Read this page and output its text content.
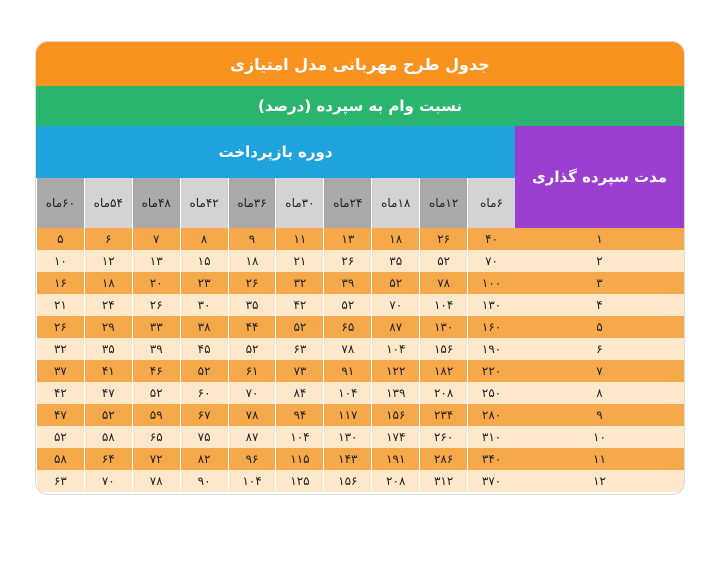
جدول طرح مهربانی مدل امتیازی
نسبت وام به سپرده (درصد)
دوره بازپرداخت
مدت سپرده گذاری
۶ماه
۱۲ماه
۱۸ماه
۲۴ماه
۳۰ماه
۳۶ماه
۴۲ماه
۴۸ماه
۵۴ماه
۶۰ماه
۱
۴۰
۲۶
۱۸
۱۳
۱۱
۹
۸
۷
۶
۵
۲
۷۰
۵۲
۳۵
۲۶
۲۱
۱۸
۱۵
۱۳
۱۲
۱۰
۳
۱۰۰
۷۸
۵۲
۳۹
۳۲
۲۶
۲۳
۲۰
۱۸
۱۶
۴
۱۳۰
۱۰۴
۷۰
۵۲
۴۲
۳۵
۳۰
۲۶
۲۴
۲۱
۵
۱۶۰
۱۳۰
۸۷
۶۵
۵۲
۴۴
۳۸
۳۳
۲۹
۲۶
۶
۱۹۰
۱۵۶
۱۰۴
۷۸
۶۳
۵۲
۴۵
۳۹
۳۵
۳۲
۷
۲۲۰
۱۸۲
۱۲۲
۹۱
۷۳
۶۱
۵۲
۴۶
۴۱
۳۷
۸
۲۵۰
۲۰۸
۱۳۹
۱۰۴
۸۴
۷۰
۶۰
۵۲
۴۷
۴۲
۹
۲۸۰
۲۳۴
۱۵۶
۱۱۷
۹۴
۷۸
۶۷
۵۹
۵۲
۴۷
۱۰
۳۱۰
۲۶۰
۱۷۴
۱۳۰
۱۰۴
۸۷
۷۵
۶۵
۵۸
۵۲
۱۱
۳۴۰
۲۸۶
۱۹۱
۱۴۳
۱۱۵
۹۶
۸۲
۷۲
۶۴
۵۸
۱۲
۳۷۰
۳۱۲
۲۰۸
۱۵۶
۱۲۵
۱۰۴
۹۰
۷۸
۷۰
۶۳
